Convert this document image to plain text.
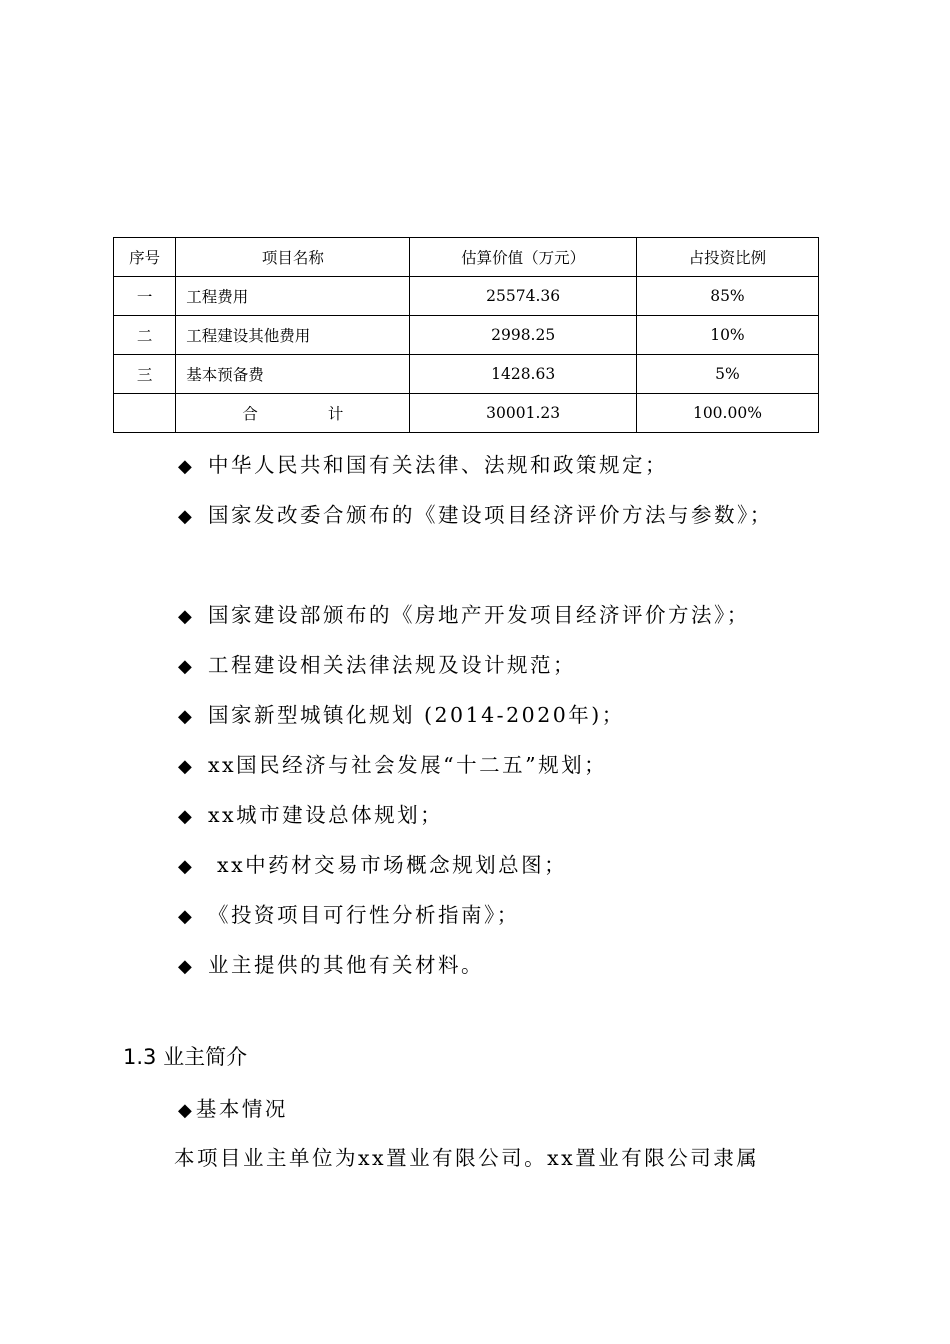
序号	项目名称	估算价值（万元）	占投资比例
一	工程费用	25574.36	85%
二	工程建设其他费用	2998.25	10%
三	基本预备费	1428.63	5%
	合 计	30001.23	100.00%
◆ 中华人民共和国有关法律、法规和政策规定；
◆ 国家发改委合颁布的《建设项目经济评价方法与参数》；
◆ 国家建设部颁布的《房地产开发项目经济评价方法》；
◆ 工程建设相关法律法规及设计规范；
◆ 国家新型城镇化规划 (2014-2020年)；
◆ xx国民经济与社会发展“十二五”规划；
◆ xx城市建设总体规划；
◆ xx中药材交易市场概念规划总图；
◆ 《投资项目可行性分析指南》；
◆ 业主提供的其他有关材料。
1.3 业主简介
◆ 基本情况
本项目业主单位为xx置业有限公司。xx置业有限公司隶属
